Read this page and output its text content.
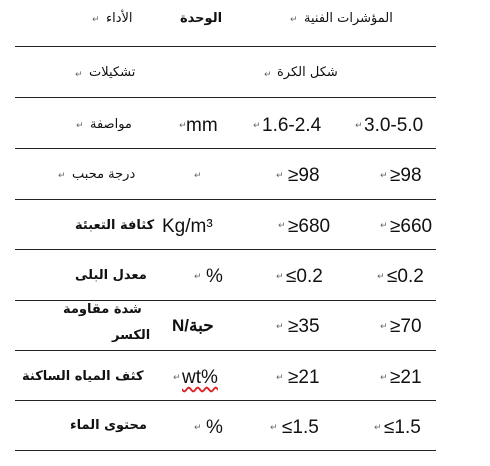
↵ الأداء	الوحدة	↵ المؤشرات الفنية
↵ تشكيلات	↵ شكل الكرة
↵ مواصفة	↵ mm	↵ 1.6-2.4	↵ 3.0-5.0
↵ درجة محبب	↵	↵ ≥98	↵ ≥98
كثافة التعبئة Kg/m³	↵ ≥680	↵ ≥660
معدل البلى	↵ %	↵ ≤0.2	↵ ≤0.2
شدة مقاومة
الكسر
حبة/N	↵ ≥35	↵ ≥70
كثف المياه الساكنة	↵ wt%	↵ ≥21	↵ ≥21
محتوى الماء	↵ %	↵ ≤1.5	↵ ≤1.5
